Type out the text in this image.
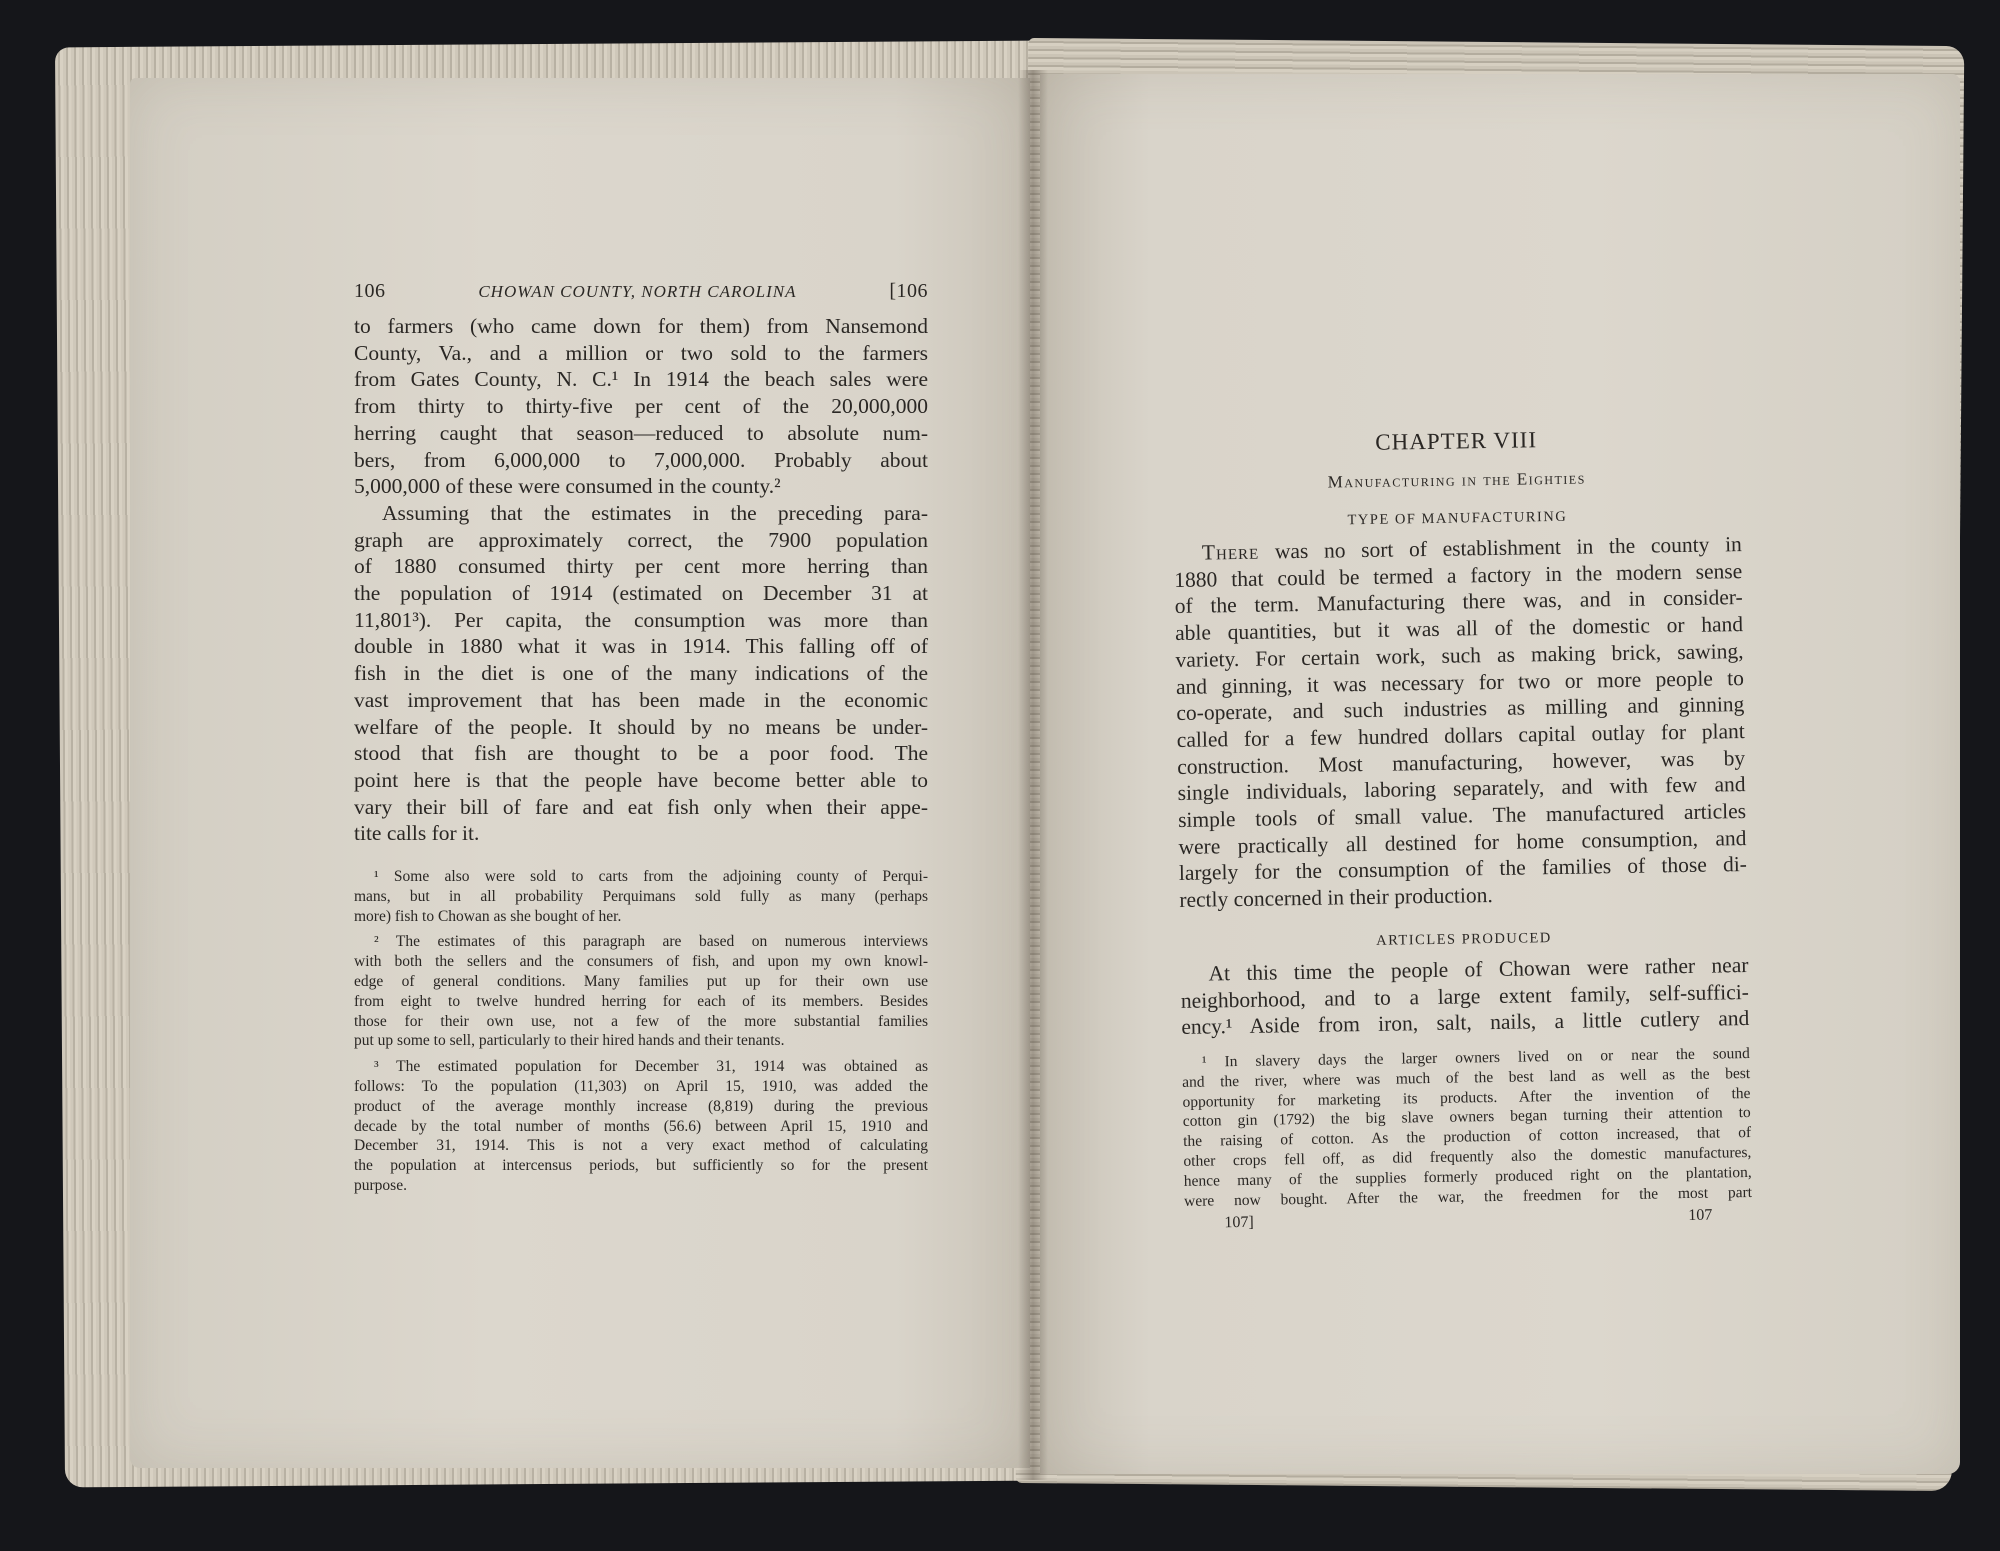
106	CHOWAN COUNTY, NORTH CAROLINA	[106
to farmers (who came down for them) from Nansemond
County, Va., and a million or two sold to the farmers
from Gates County, N. C.¹ In 1914 the beach sales were
from thirty to thirty-five per cent of the 20,000,000
herring caught that season—reduced to absolute num-
bers, from 6,000,000 to 7,000,000. Probably about
5,000,000 of these were consumed in the county.²
Assuming that the estimates in the preceding para-
graph are approximately correct, the 7900 population
of 1880 consumed thirty per cent more herring than
the population of 1914 (estimated on December 31 at
11,801³). Per capita, the consumption was more than
double in 1880 what it was in 1914. This falling off of
fish in the diet is one of the many indications of the
vast improvement that has been made in the economic
welfare of the people. It should by no means be under-
stood that fish are thought to be a poor food. The
point here is that the people have become better able to
vary their bill of fare and eat fish only when their appe-
tite calls for it.
¹ Some also were sold to carts from the adjoining county of Perqui-
mans, but in all probability Perquimans sold fully as many (perhaps
more) fish to Chowan as she bought of her.
² The estimates of this paragraph are based on numerous interviews
with both the sellers and the consumers of fish, and upon my own knowl-
edge of general conditions. Many families put up for their own use
from eight to twelve hundred herring for each of its members. Besides
those for their own use, not a few of the more substantial families
put up some to sell, particularly to their hired hands and their tenants.
³ The estimated population for December 31, 1914 was obtained as
follows: To the population (11,303) on April 15, 1910, was added the
product of the average monthly increase (8,819) during the previous
decade by the total number of months (56.6) between April 15, 1910 and
December 31, 1914. This is not a very exact method of calculating
the population at intercensus periods, but sufficiently so for the present
purpose.
CHAPTER VIII
Manufacturing in the Eighties
TYPE OF MANUFACTURING
There was no sort of establishment in the county in
1880 that could be termed a factory in the modern sense
of the term. Manufacturing there was, and in consider-
able quantities, but it was all of the domestic or hand
variety. For certain work, such as making brick, sawing,
and ginning, it was necessary for two or more people to
co-operate, and such industries as milling and ginning
called for a few hundred dollars capital outlay for plant
construction. Most manufacturing, however, was by
single individuals, laboring separately, and with few and
simple tools of small value. The manufactured articles
were practically all destined for home consumption, and
largely for the consumption of the families of those di-
rectly concerned in their production.
ARTICLES PRODUCED
At this time the people of Chowan were rather near
neighborhood, and to a large extent family, self-suffici-
ency.¹ Aside from iron, salt, nails, a little cutlery and
¹ In slavery days the larger owners lived on or near the sound
and the river, where was much of the best land as well as the best
opportunity for marketing its products. After the invention of the
cotton gin (1792) the big slave owners began turning their attention to
the raising of cotton. As the production of cotton increased, that of
other crops fell off, as did frequently also the domestic manufactures,
hence many of the supplies formerly produced right on the plantation,
were now bought. After the war, the freedmen for the most part
107]	107
